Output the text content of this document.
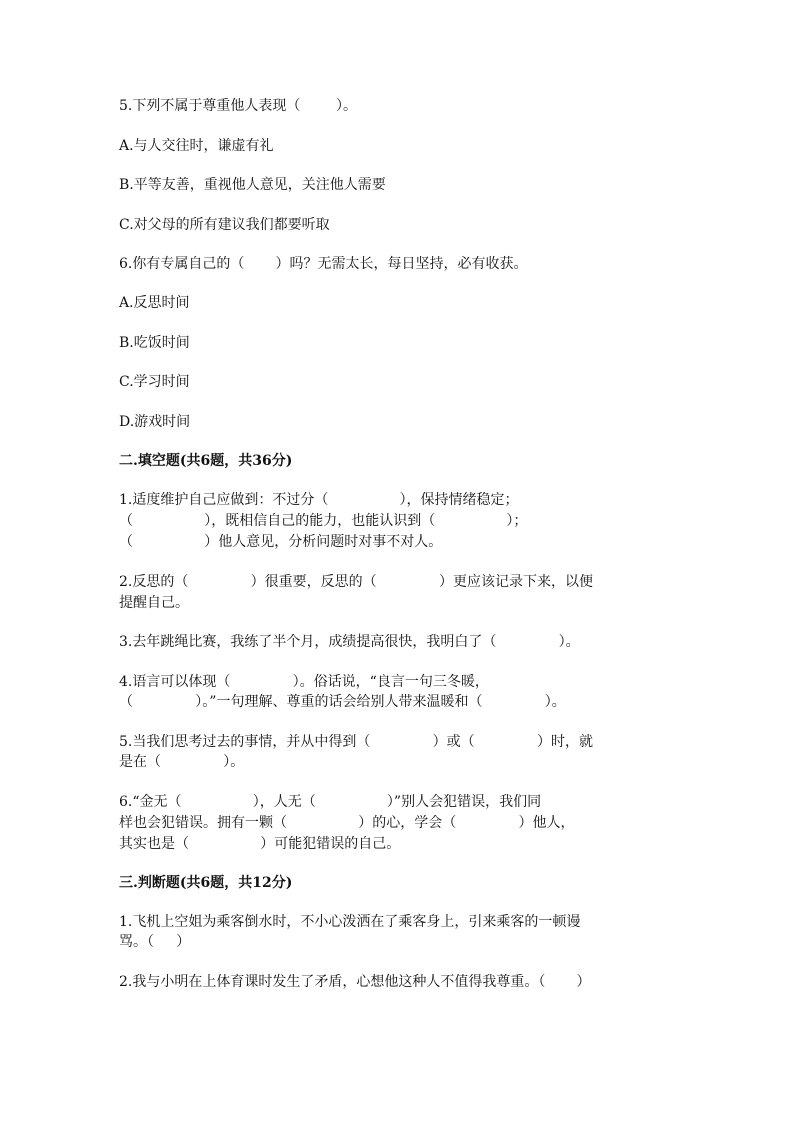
5.下列不属于尊重他人表现（        ）。

A.与人交往时，谦虚有礼

B.平等友善，重视他人意见，关注他人需要

C.对父母的所有建议我们都要听取

6.你有专属自己的（       ）吗？无需太长，每日坚持，必有收获。

A.反思时间

B.吃饭时间

C.学习时间

D.游戏时间

二.填空题(共6题，共36分)

1.适度维护自己应做到：不过分（                ），保持情绪稳定；

（                ），既相信自己的能力，也能认识到（                ）；

（                ）他人意见，分析问题时对事不对人。

2.反思的（              ）很重要，反思的（              ）更应该记录下来，以便

提醒自己。

3.去年跳绳比赛，我练了半个月，成绩提高很快，我明白了（              ）。

4.语言可以体现（              ）。俗话说，“良言一句三冬暖，

（              ）。”一句理解、尊重的话会给别人带来温暖和（              ）。

5.当我们思考过去的事情，并从中得到（              ）或（              ）时，就

是在（              ）。

6.“金无（                ），人无（                ）”别人会犯错误，我们同

样也会犯错误。拥有一颗（                ）的心，学会（              ）他人，

其实也是（                ）可能犯错误的自己。

三.判断题(共6题，共12分)

1.飞机上空姐为乘客倒水时，不小心泼洒在了乘客身上，引来乘客的一顿谩

骂。（     ）

2.我与小明在上体育课时发生了矛盾，心想他这种人不值得我尊重。（       ）
